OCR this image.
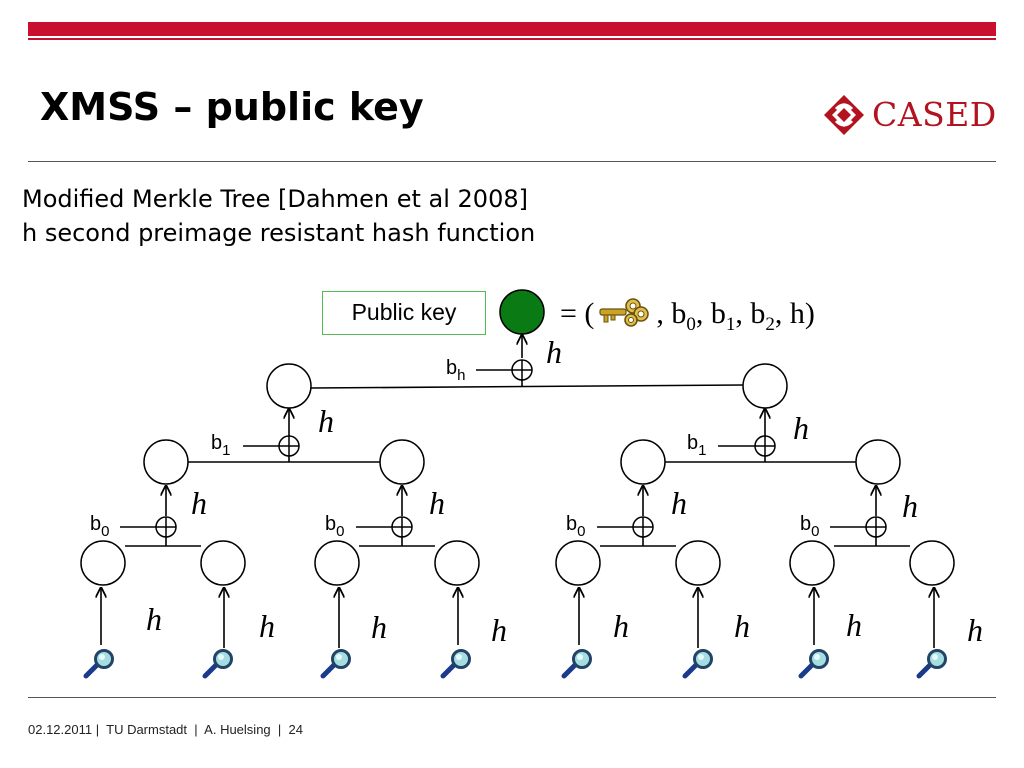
XMSS – public key	CASED
Modified Merkle Tree [Dahmen et al 2008]
h second preimage resistant hash function
$b_h$
h
$b_1$
h
$b_1$
h
$b_0$
h
$b_0$
h
$b_0$
h
$b_0$
h
h	h	h	h	h	h	h	h
Public key	= ( , $b_0$, $b_1$, $b_2$, h)
02.12.2011 | TU Darmstadt | A. Huelsing | 24
